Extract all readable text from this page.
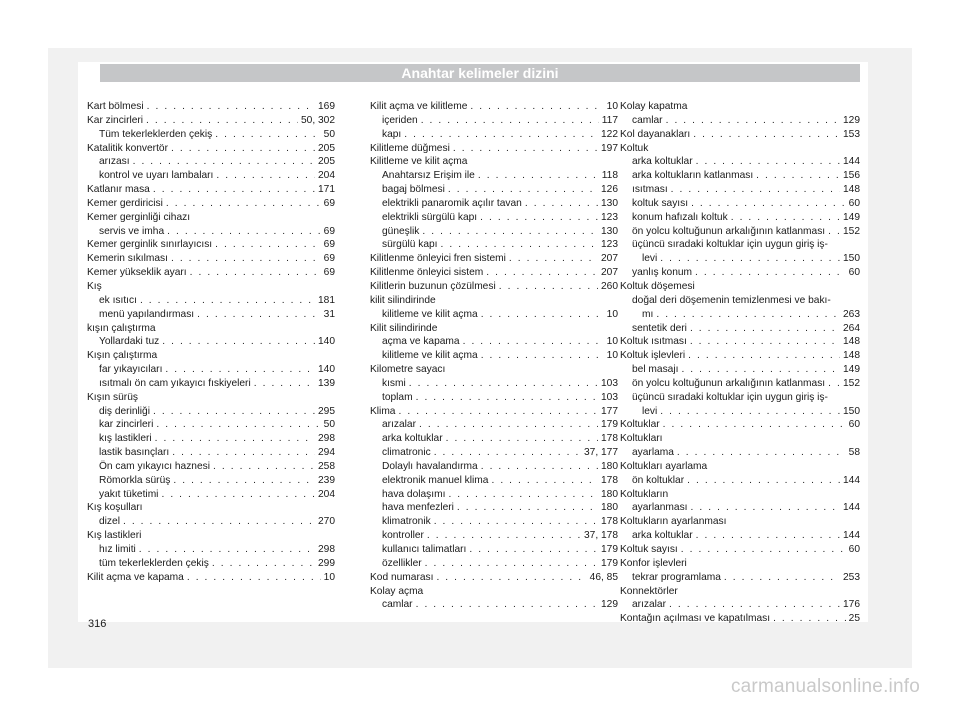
Anahtar kelimeler dizini
Kart bölmesi . . .	169
Kar zincirleri . . .	50, 302
Tüm tekerleklerden çekiş . . .	50
Katalitik konvertör . . .	205
arızası . . .	205
kontrol ve uyarı lambaları . . .	204
Katlanır masa . . .	171
Kemer gerdiricisi . . .	69
Kemer gerginliği cihazı
servis ve imha . . .	69
Kemer gerginlik sınırlayıcısı . . .	69
Kemerin sıkılması . . .	69
Kemer yükseklik ayarı . . .	69
Kış
ek ısıtıcı . . .	181
menü yapılandırması . . .	31
kışın çalıştırma
Yollardaki tuz . . .	140
Kışın çalıştırma
far yıkayıcıları . . .	140
ısıtmalı ön cam yıkayıcı fıskiyeleri . . .	139
Kışın sürüş
diş derinliği . . .	295
kar zincirleri . . .	50
kış lastikleri . . .	298
lastik basınçları . . .	294
Ön cam yıkayıcı haznesi . . .	258
Römorkla sürüş . . .	239
yakıt tüketimi . . .	204
Kış koşulları
dizel . . .	270
Kış lastikleri
hız limiti . . .	298
tüm tekerleklerden çekiş . . .	299
Kilit açma ve kapama . . .	10
Kilit açma ve kilitleme . . .	10
içeriden . . .	117
kapı . . .	122
Kilitleme düğmesi . . .	197
Kilitleme ve kilit açma
Anahtarsız Erişim ile . . .	118
bagaj bölmesi . . .	126
elektrikli panaromik açılır tavan . . .	130
elektrikli sürgülü kapı . . .	123
güneşlik . . .	130
sürgülü kapı . . .	123
Kilitlenme önleyici fren sistemi . . .	207
Kilitlenme önleyici sistem . . .	207
Kilitlerin buzunun çözülmesi . . .	260
kilit silindirinde
kilitleme ve kilit açma . . .	10
Kilit silindirinde
açma ve kapama . . .	10
kilitleme ve kilit açma . . .	10
Kilometre sayacı
kısmi . . .	103
toplam . . .	103
Klima . . .	177
arızalar . . .	179
arka koltuklar . . .	178
climatronic . . .	37, 177
Dolaylı havalandırma . . .	180
elektronik manuel klima . . .	178
hava dolaşımı . . .	180
hava menfezleri . . .	180
klimatronik . . .	178
kontroller . . .	37, 178
kullanıcı talimatları . . .	179
özellikler . . .	179
Kod numarası . . .	46, 85
Kolay açma
camlar . . .	129
Kolay kapatma
camlar . . .	129
Kol dayanakları . . .	153
Koltuk
arka koltuklar . . .	144
arka koltukların katlanması . . .	156
ısıtması . . .	148
koltuk sayısı . . .	60
konum hafızalı koltuk . . .	149
ön yolcu koltuğunun arkalığının katlanması . . . 152
üçüncü sıradaki koltuklar için uygun giriş iş-
levi . . .	150
yanlış konum . . .	60
Koltuk döşemesi
doğal deri döşemenin temizlenmesi ve bakı-
mı . . .	263
sentetik deri . . .	264
Koltuk ısıtması . . .	148
Koltuk işlevleri . . .	148
bel masajı . . .	149
ön yolcu koltuğunun arkalığının katlanması . . . 152
üçüncü sıradaki koltuklar için uygun giriş iş-
levi . . .	150
Koltuklar . . .	60
Koltukları
ayarlama . . .	58
Koltukları ayarlama
ön koltuklar . . .	144
Koltukların
ayarlanması . . .	144
Koltukların ayarlanması
arka koltuklar . . .	144
Koltuk sayısı . . .	60
Konfor işlevleri
tekrar programlama . . .	253
Konnektörler
arızalar . . .	176
Kontağın açılması ve kapatılması . . .	25
316
carmanualsonline.info
